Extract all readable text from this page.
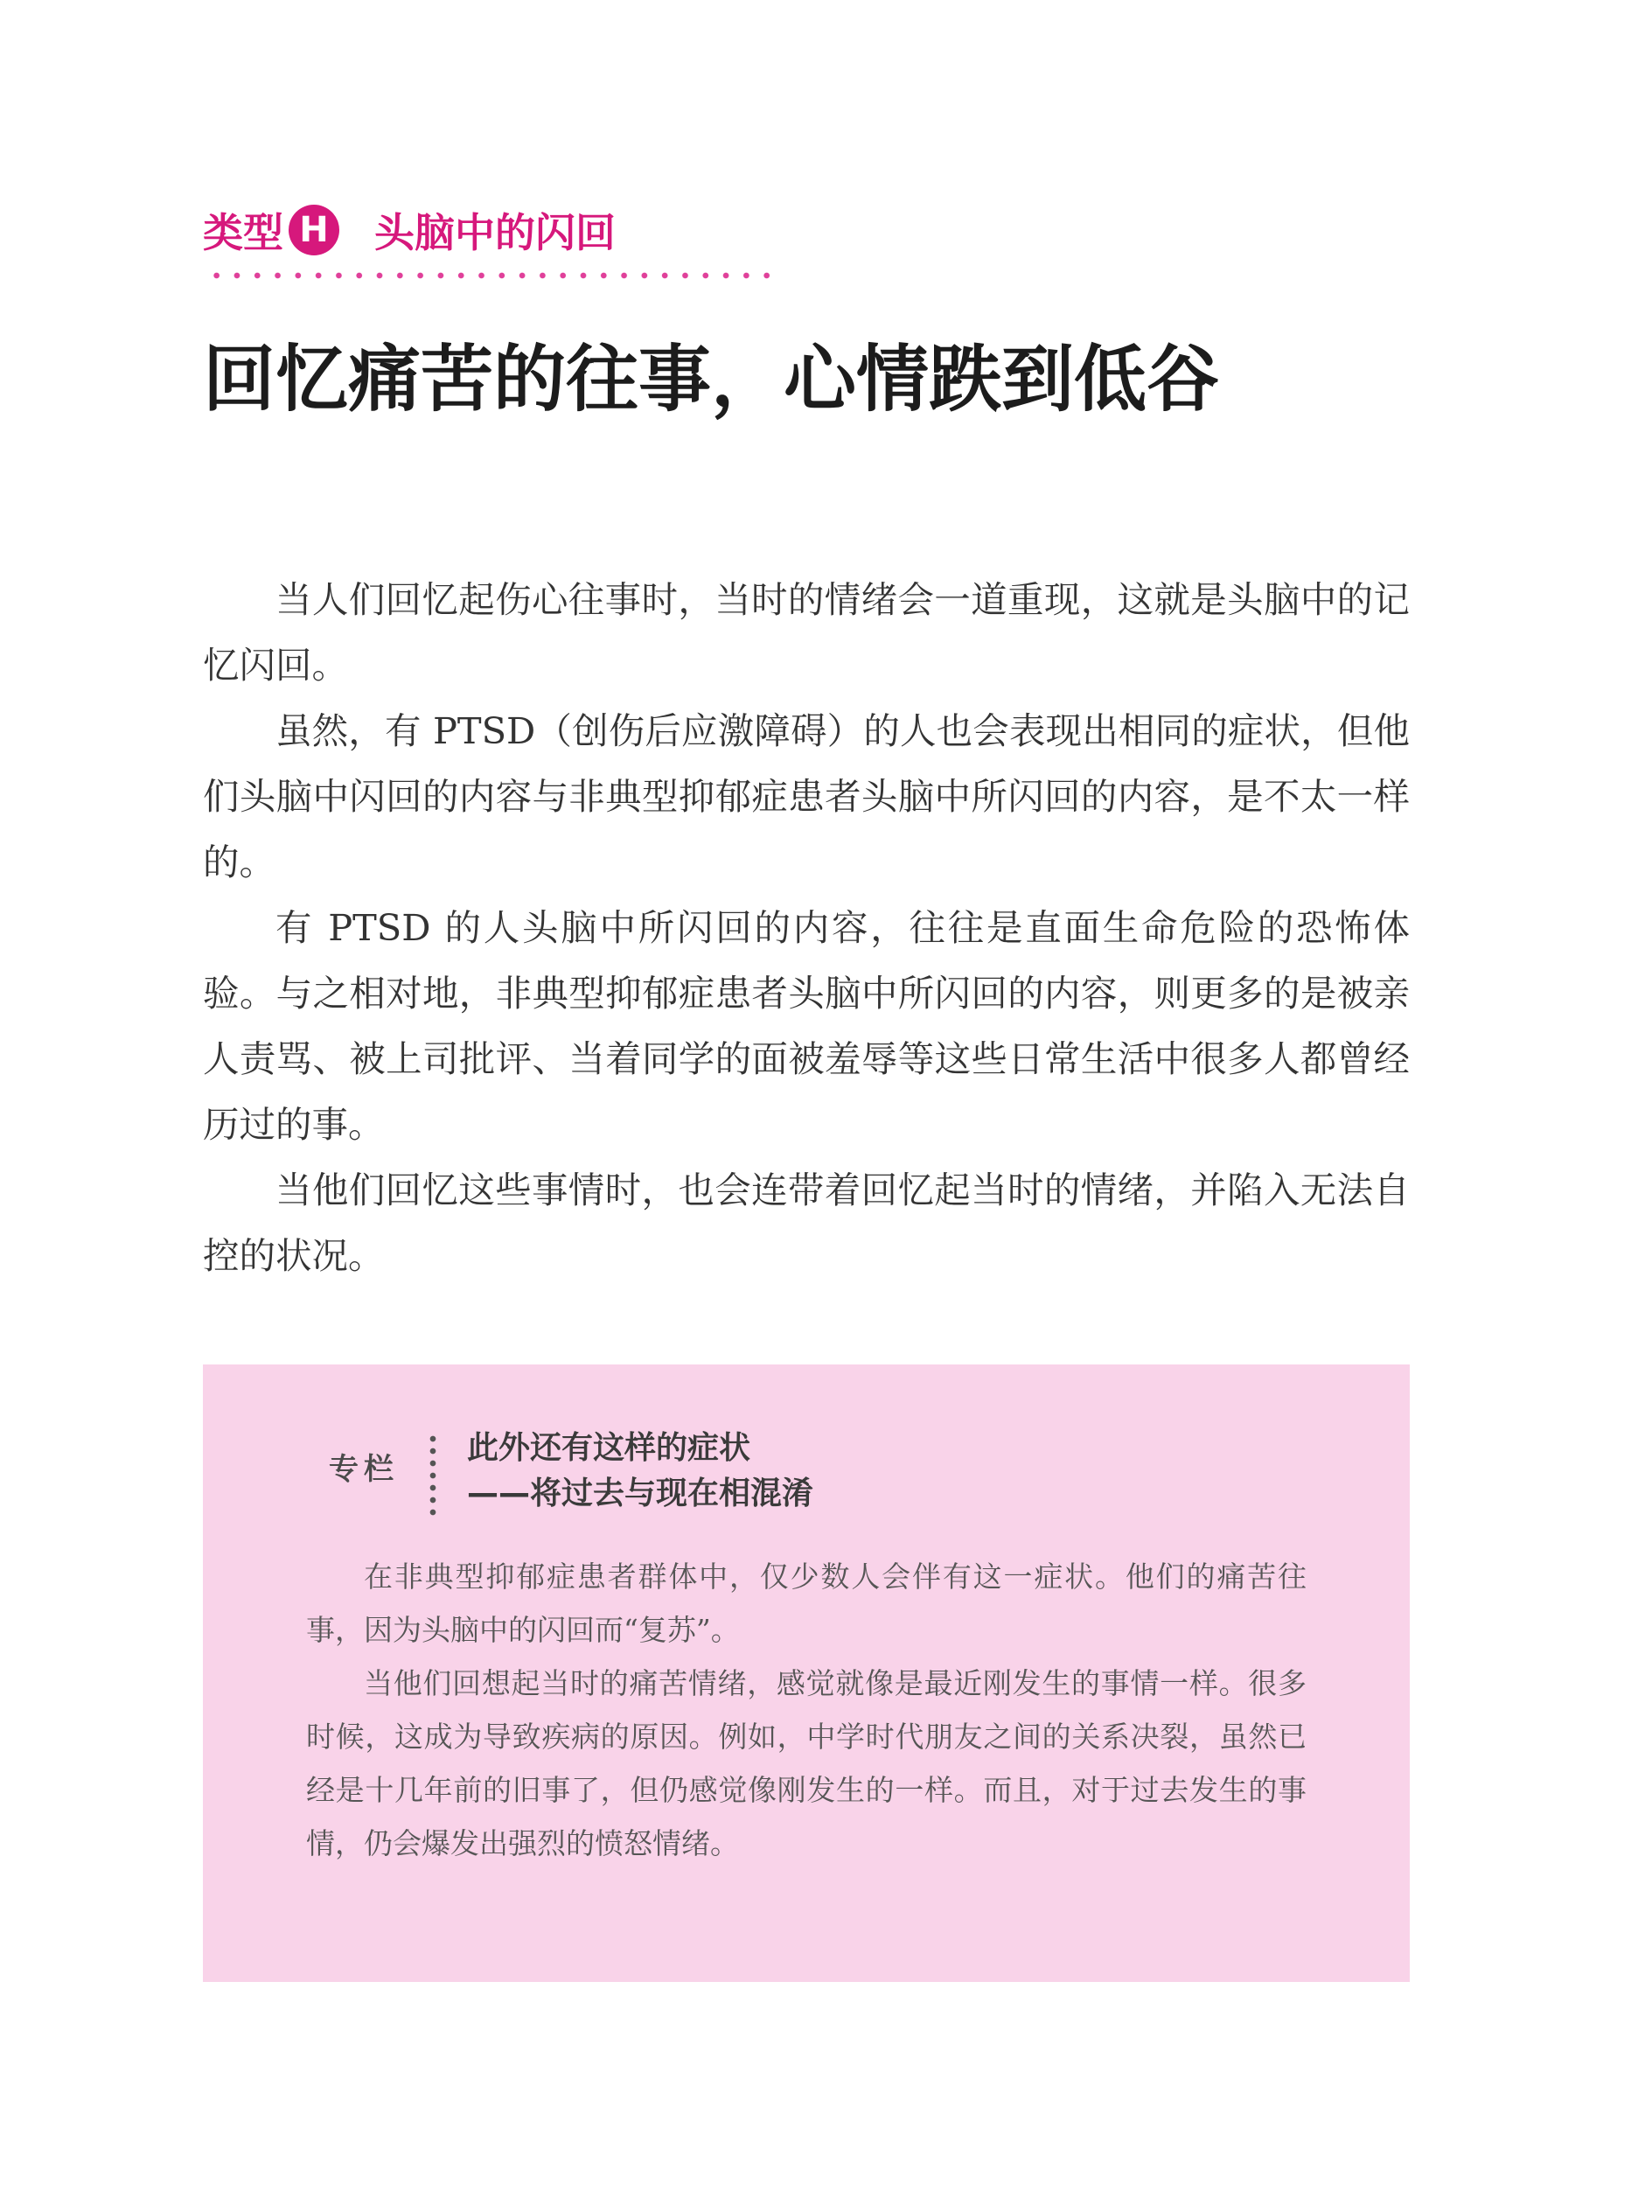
类型 H 头脑中的闪回
回忆痛苦的往事，心情跌到低谷

当人们回忆起伤心往事时，当时的情绪会一道重现，这就是头脑中的记忆闪回。

虽然，有 PTSD（创伤后应激障碍）的人也会表现出相同的症状，但他们头脑中闪回的内容与非典型抑郁症患者头脑中所闪回的内容，是不太一样的。

有 PTSD 的人头脑中所闪回的内容，往往是直面生命危险的恐怖体验。与之相对地，非典型抑郁症患者头脑中所闪回的内容，则更多的是被亲人责骂、被上司批评、当着同学的面被羞辱等这些日常生活中很多人都曾经历过的事。

当他们回忆这些事情时，也会连带着回忆起当时的情绪，并陷入无法自控的状况。

专栏
此外还有这样的症状
——将过去与现在相混淆

在非典型抑郁症患者群体中，仅少数人会伴有这一症状。他们的痛苦往事，因为头脑中的闪回而“复苏”。

当他们回想起当时的痛苦情绪，感觉就像是最近刚发生的事情一样。很多时候，这成为导致疾病的原因。例如，中学时代朋友之间的关系决裂，虽然已经是十几年前的旧事了，但仍感觉像刚发生的一样。而且，对于过去发生的事情，仍会爆发出强烈的愤怒情绪。
